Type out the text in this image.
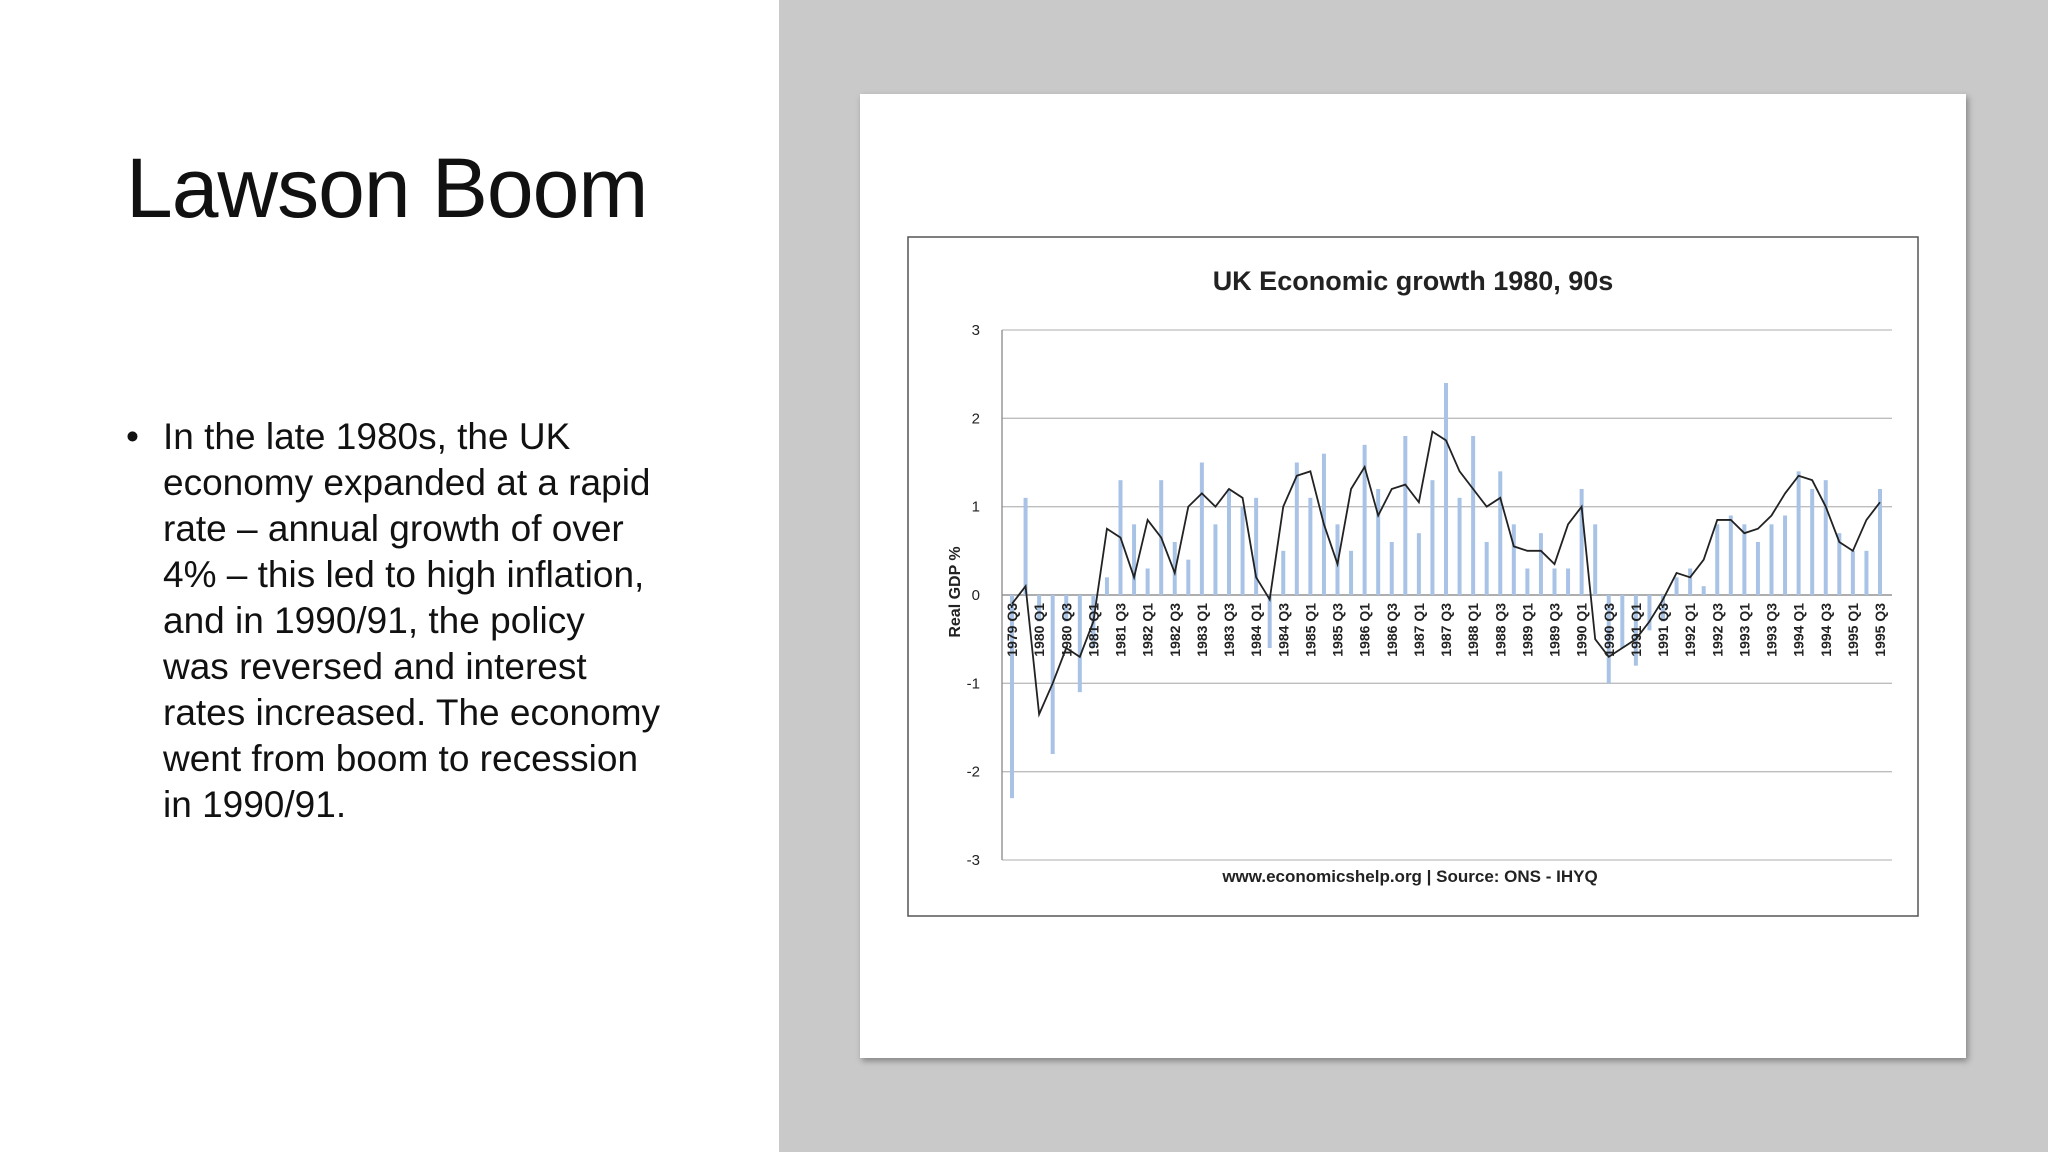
Lawson Boom
• In the late 1980s, the UK
economy expanded at a rapid
rate – annual growth of over
4% – this led to high inflation,
and in 1990/91, the policy
was reversed and interest
rates increased. The economy
went from boom to recession
in 1990/91.
UK Economic growth 1980, 90s
Real GDP %
www.economicshelp.org | Source: ONS - IHYQ
3
2
1
0
-1
-2
-3
1979 Q3 1980 Q1 1980 Q3 1981 Q1 1981 Q3 1982 Q1 1982 Q3 1983 Q1 1983 Q3 1984 Q1 1984 Q3 1985 Q1 1985 Q3 1986 Q1 1986 Q3 1987 Q1 1987 Q3 1988 Q1 1988 Q3 1989 Q1 1989 Q3 1990 Q1 1990 Q3 1991 Q1 1991 Q3 1992 Q1 1992 Q3 1993 Q1 1993 Q3 1994 Q1 1994 Q3 1995 Q1 1995 Q3
